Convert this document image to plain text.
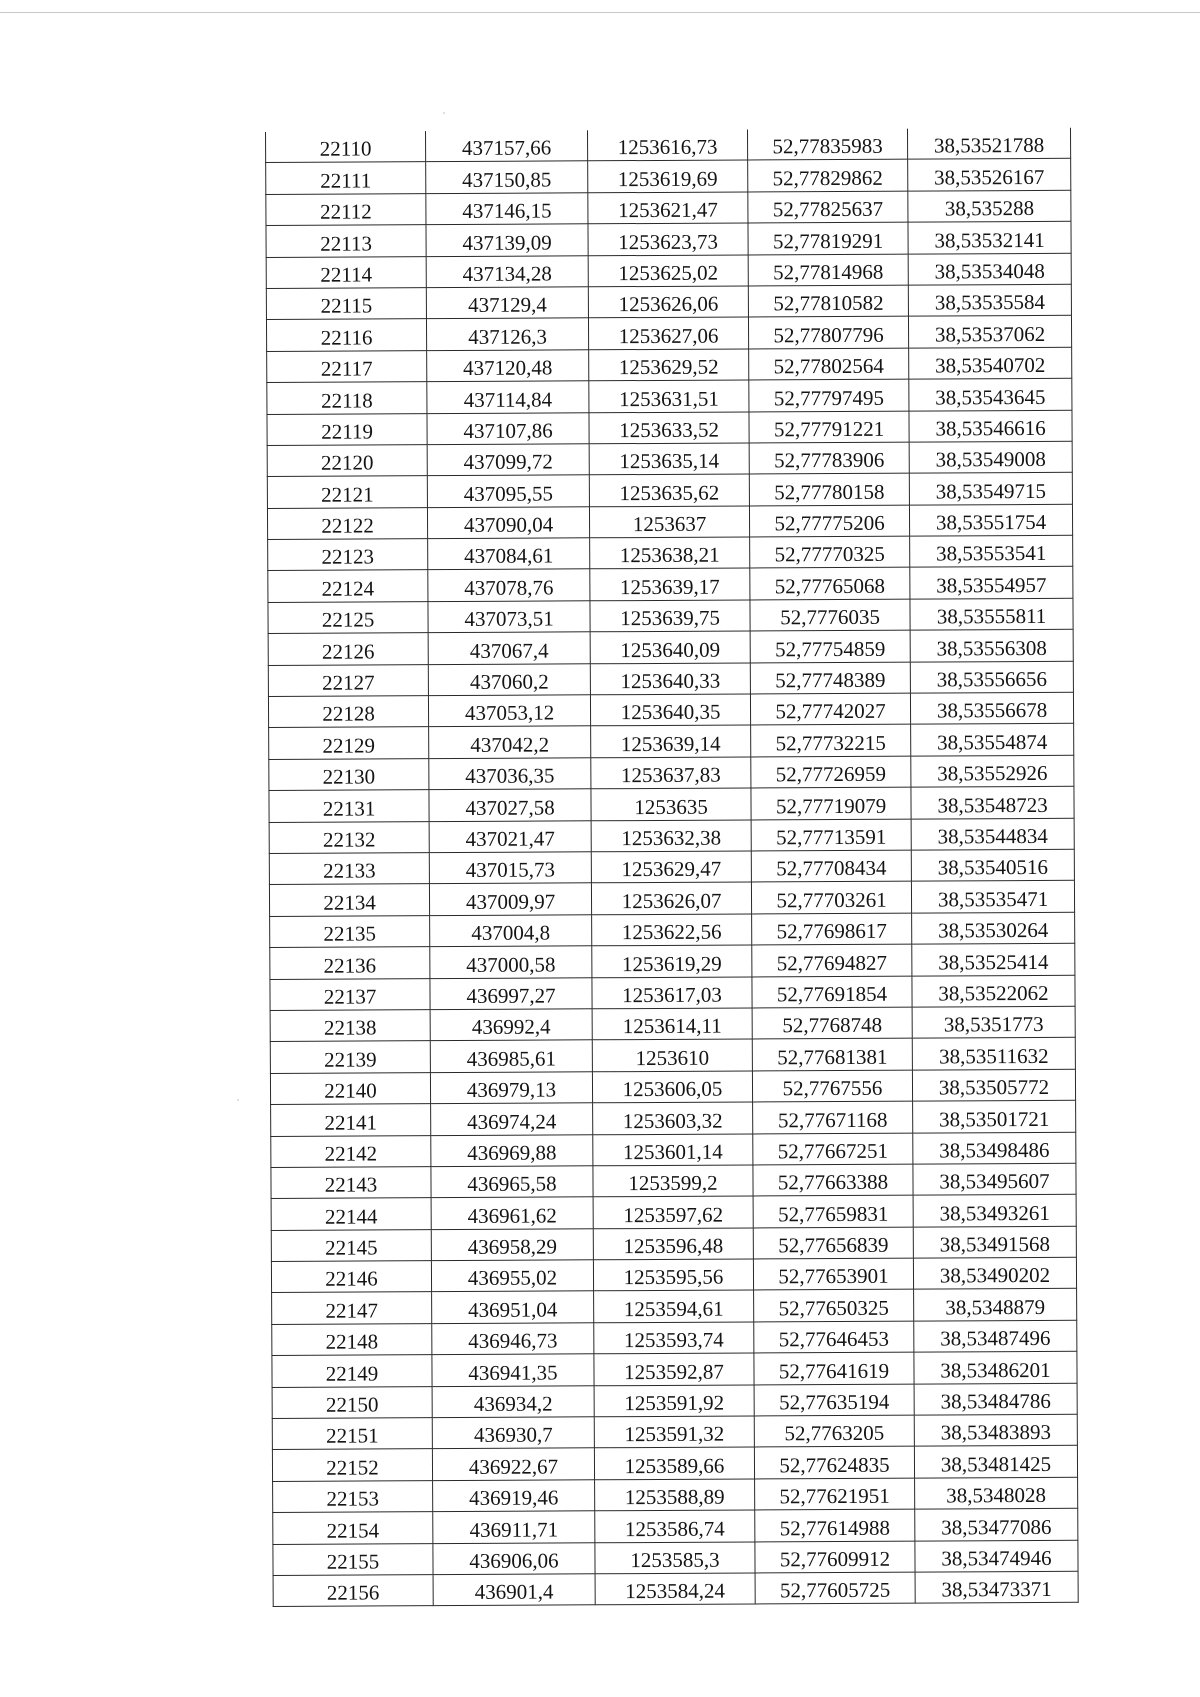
22110	437157,66	1253616,73	52,77835983	38,53521788
22111	437150,85	1253619,69	52,77829862	38,53526167
22112	437146,15	1253621,47	52,77825637	38,535288
22113	437139,09	1253623,73	52,77819291	38,53532141
22114	437134,28	1253625,02	52,77814968	38,53534048
22115	437129,4	1253626,06	52,77810582	38,53535584
22116	437126,3	1253627,06	52,77807796	38,53537062
22117	437120,48	1253629,52	52,77802564	38,53540702
22118	437114,84	1253631,51	52,77797495	38,53543645
22119	437107,86	1253633,52	52,77791221	38,53546616
22120	437099,72	1253635,14	52,77783906	38,53549008
22121	437095,55	1253635,62	52,77780158	38,53549715
22122	437090,04	1253637	52,77775206	38,53551754
22123	437084,61	1253638,21	52,77770325	38,53553541
22124	437078,76	1253639,17	52,77765068	38,53554957
22125	437073,51	1253639,75	52,7776035	38,53555811
22126	437067,4	1253640,09	52,77754859	38,53556308
22127	437060,2	1253640,33	52,77748389	38,53556656
22128	437053,12	1253640,35	52,77742027	38,53556678
22129	437042,2	1253639,14	52,77732215	38,53554874
22130	437036,35	1253637,83	52,77726959	38,53552926
22131	437027,58	1253635	52,77719079	38,53548723
22132	437021,47	1253632,38	52,77713591	38,53544834
22133	437015,73	1253629,47	52,77708434	38,53540516
22134	437009,97	1253626,07	52,77703261	38,53535471
22135	437004,8	1253622,56	52,77698617	38,53530264
22136	437000,58	1253619,29	52,77694827	38,53525414
22137	436997,27	1253617,03	52,77691854	38,53522062
22138	436992,4	1253614,11	52,7768748	38,5351773
22139	436985,61	1253610	52,77681381	38,53511632
22140	436979,13	1253606,05	52,7767556	38,53505772
22141	436974,24	1253603,32	52,77671168	38,53501721
22142	436969,88	1253601,14	52,77667251	38,53498486
22143	436965,58	1253599,2	52,77663388	38,53495607
22144	436961,62	1253597,62	52,77659831	38,53493261
22145	436958,29	1253596,48	52,77656839	38,53491568
22146	436955,02	1253595,56	52,77653901	38,53490202
22147	436951,04	1253594,61	52,77650325	38,5348879
22148	436946,73	1253593,74	52,77646453	38,53487496
22149	436941,35	1253592,87	52,77641619	38,53486201
22150	436934,2	1253591,92	52,77635194	38,53484786
22151	436930,7	1253591,32	52,7763205	38,53483893
22152	436922,67	1253589,66	52,77624835	38,53481425
22153	436919,46	1253588,89	52,77621951	38,5348028
22154	436911,71	1253586,74	52,77614988	38,53477086
22155	436906,06	1253585,3	52,77609912	38,53474946
22156	436901,4	1253584,24	52,77605725	38,53473371
